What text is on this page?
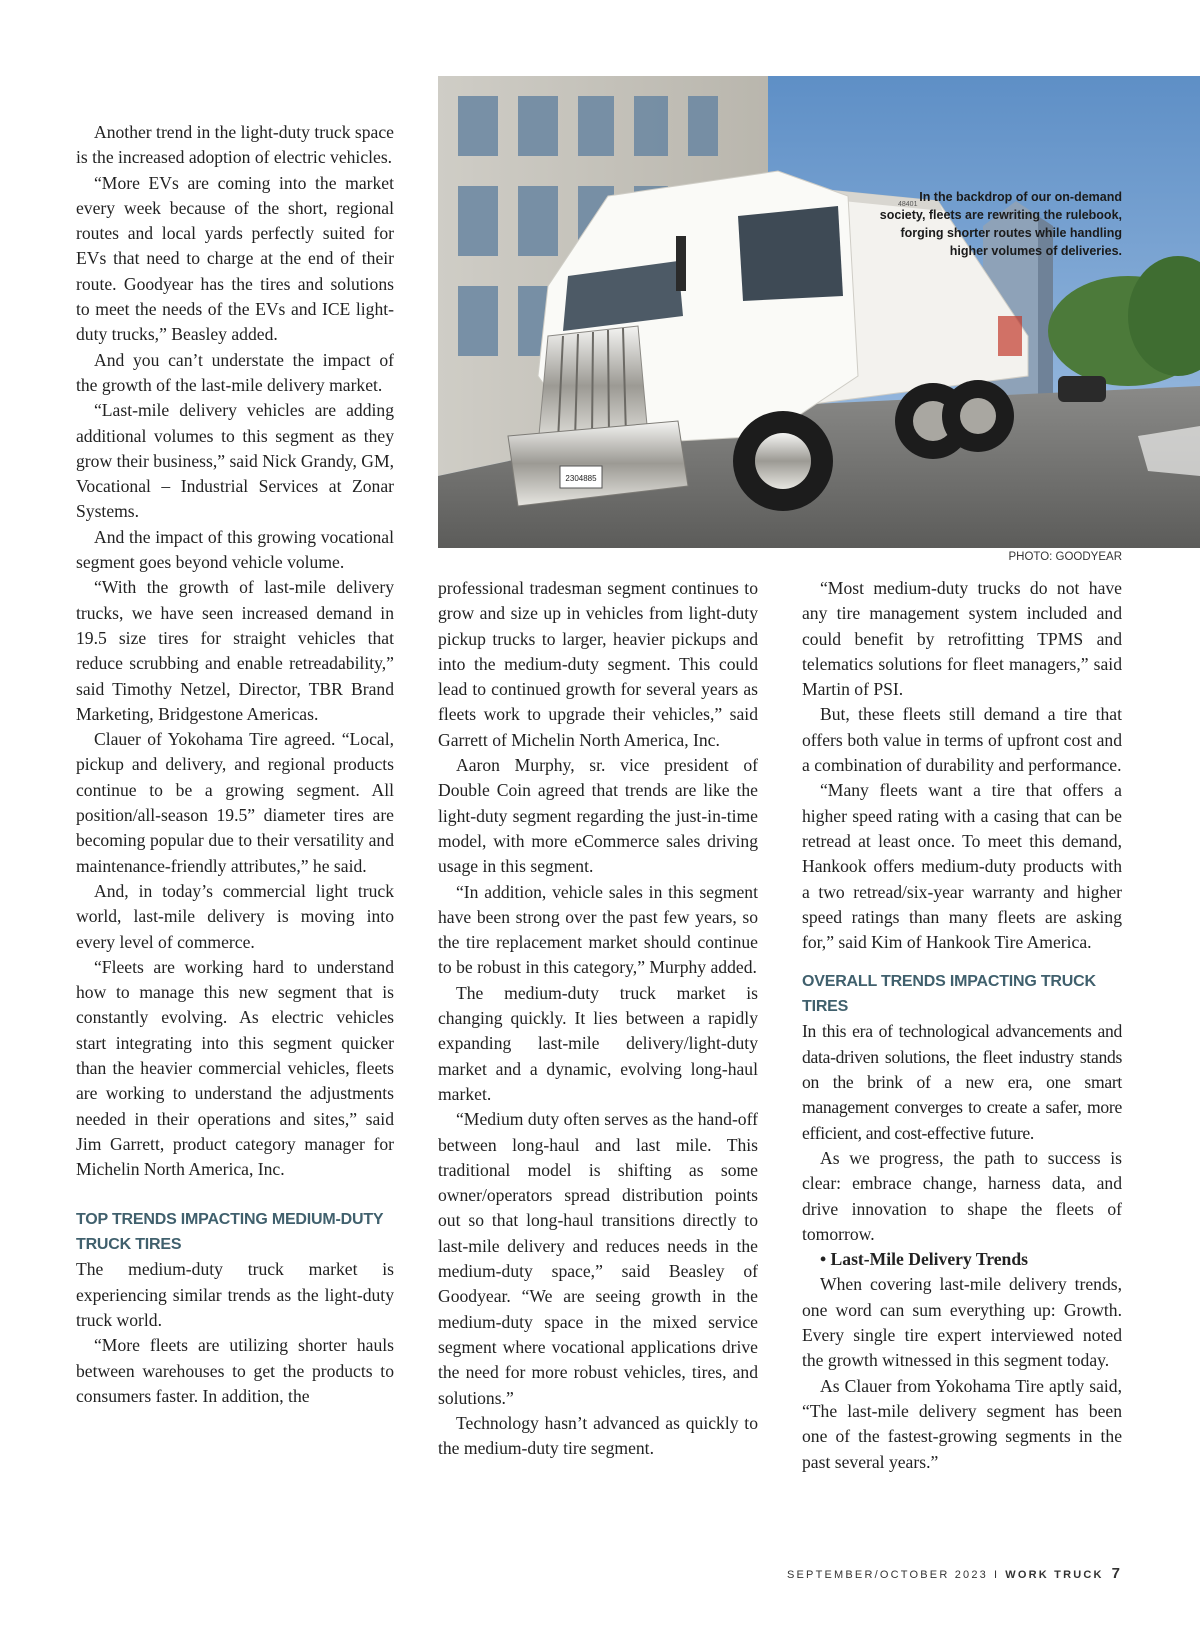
2304885
48401
In the backdrop of our on-demand society, fleets are rewriting the rulebook, forging shorter routes while handling higher volumes of deliveries.
PHOTO: GOODYEAR

Another trend in the light-duty truck space is the increased adoption of electric vehicles.

“More EVs are coming into the market every week because of the short, regional routes and local yards perfectly suited for EVs that need to charge at the end of their route. Goodyear has the tires and solutions to meet the needs of the EVs and ICE light-duty trucks,” Beasley added.

And you can’t understate the impact of the growth of the last-mile delivery market.

“Last-mile delivery vehicles are adding additional volumes to this segment as they grow their business,” said Nick Grandy, GM, Vocational – Industrial Services at Zonar Systems.

And the impact of this growing vocational segment goes beyond vehicle volume.

“With the growth of last-mile delivery trucks, we have seen increased demand in 19.5 size tires for straight vehicles that reduce scrubbing and enable retreadability,” said Timothy Netzel, Director, TBR Brand Marketing, Bridgestone Americas.

Clauer of Yokohama Tire agreed. “Local, pickup and delivery, and regional products continue to be a growing segment. All position/all-season 19.5” diameter tires are becoming popular due to their versatility and maintenance-friendly attributes,” he said.

And, in today’s commercial light truck world, last-mile delivery is moving into every level of commerce.

“Fleets are working hard to understand how to manage this new segment that is constantly evolving. As electric vehicles start integrating into this segment quicker than the heavier commercial vehicles, fleets are working to understand the adjustments needed in their operations and sites,” said Jim Garrett, product category manager for Michelin North America, Inc.

TOP TRENDS IMPACTING MEDIUM-DUTY TRUCK TIRES

The medium-duty truck market is experiencing similar trends as the light-duty truck world.

“More fleets are utilizing shorter hauls between warehouses to get the products to consumers faster. In addition, the

professional tradesman segment continues to grow and size up in vehicles from light-duty pickup trucks to larger, heavier pickups and into the medium-duty segment. This could lead to continued growth for several years as fleets work to upgrade their vehicles,” said Garrett of Michelin North America, Inc.

Aaron Murphy, sr. vice president of Double Coin agreed that trends are like the light-duty segment regarding the just-in-time model, with more eCommerce sales driving usage in this segment.

“In addition, vehicle sales in this segment have been strong over the past few years, so the tire replacement market should continue to be robust in this category,” Murphy added.

The medium-duty truck market is changing quickly. It lies between a rapidly expanding last-mile delivery/light-duty market and a dynamic, evolving long-haul market.

“Medium duty often serves as the hand-off between long-haul and last mile. This traditional model is shifting as some owner/operators spread distribution points out so that long-haul transitions directly to last-mile delivery and reduces needs in the medium-duty space,” said Beasley of Goodyear. “We are seeing growth in the medium-duty space in the mixed service segment where vocational applications drive the need for more robust vehicles, tires, and solutions.”

Technology hasn’t advanced as quickly to the medium-duty tire segment.

“Most medium-duty trucks do not have any tire management system included and could benefit by retrofitting TPMS and telematics solutions for fleet managers,” said Martin of PSI.

But, these fleets still demand a tire that offers both value in terms of upfront cost and a combination of durability and performance.

“Many fleets want a tire that offers a higher speed rating with a casing that can be retread at least once. To meet this demand, Hankook offers medium-duty products with a two retread/six-year warranty and higher speed ratings than many fleets are asking for,” said Kim of Hankook Tire America.

OVERALL TRENDS IMPACTING TRUCK TIRES

In this era of technological advancements and data-driven solutions, the fleet industry stands on the brink of a new era, one smart management converges to create a safer, more efficient, and cost-effective future.

As we progress, the path to success is clear: embrace change, harness data, and drive innovation to shape the fleets of tomorrow.

• Last-Mile Delivery Trends

When covering last-mile delivery trends, one word can sum everything up: Growth. Every single tire expert interviewed noted the growth witnessed in this segment today.

As Clauer from Yokohama Tire aptly said, “The last-mile delivery segment has been one of the fastest-growing segments in the past several years.”

SEPTEMBER/OCTOBER 2023 I WORK TRUCK 7
